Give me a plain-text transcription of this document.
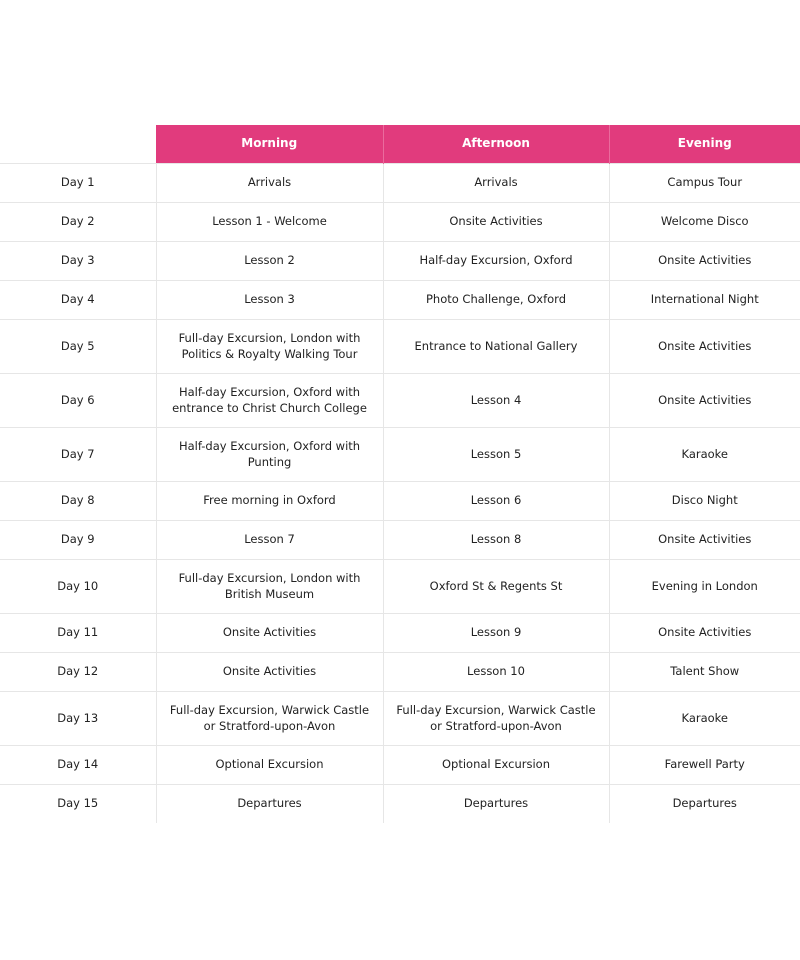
	Morning	Afternoon	Evening
Day 1	Arrivals	Arrivals	Campus Tour
Day 2	Lesson 1 - Welcome	Onsite Activities	Welcome Disco
Day 3	Lesson 2	Half-day Excursion, Oxford	Onsite Activities
Day 4	Lesson 3	Photo Challenge, Oxford	International Night
Day 5	Full-day Excursion, London with Politics & Royalty Walking Tour	Entrance to National Gallery	Onsite Activities
Day 6	Half-day Excursion, Oxford with entrance to Christ Church College	Lesson 4	Onsite Activities
Day 7	Half-day Excursion, Oxford with Punting	Lesson 5	Karaoke
Day 8	Free morning in Oxford	Lesson 6	Disco Night
Day 9	Lesson 7	Lesson 8	Onsite Activities
Day 10	Full-day Excursion, London with British Museum	Oxford St & Regents St	Evening in London
Day 11	Onsite Activities	Lesson 9	Onsite Activities
Day 12	Onsite Activities	Lesson 10	Talent Show
Day 13	Full-day Excursion, Warwick Castle or Stratford-upon-Avon	Full-day Excursion, Warwick Castle or Stratford-upon-Avon	Karaoke
Day 14	Optional Excursion	Optional Excursion	Farewell Party
Day 15	Departures	Departures	Departures
